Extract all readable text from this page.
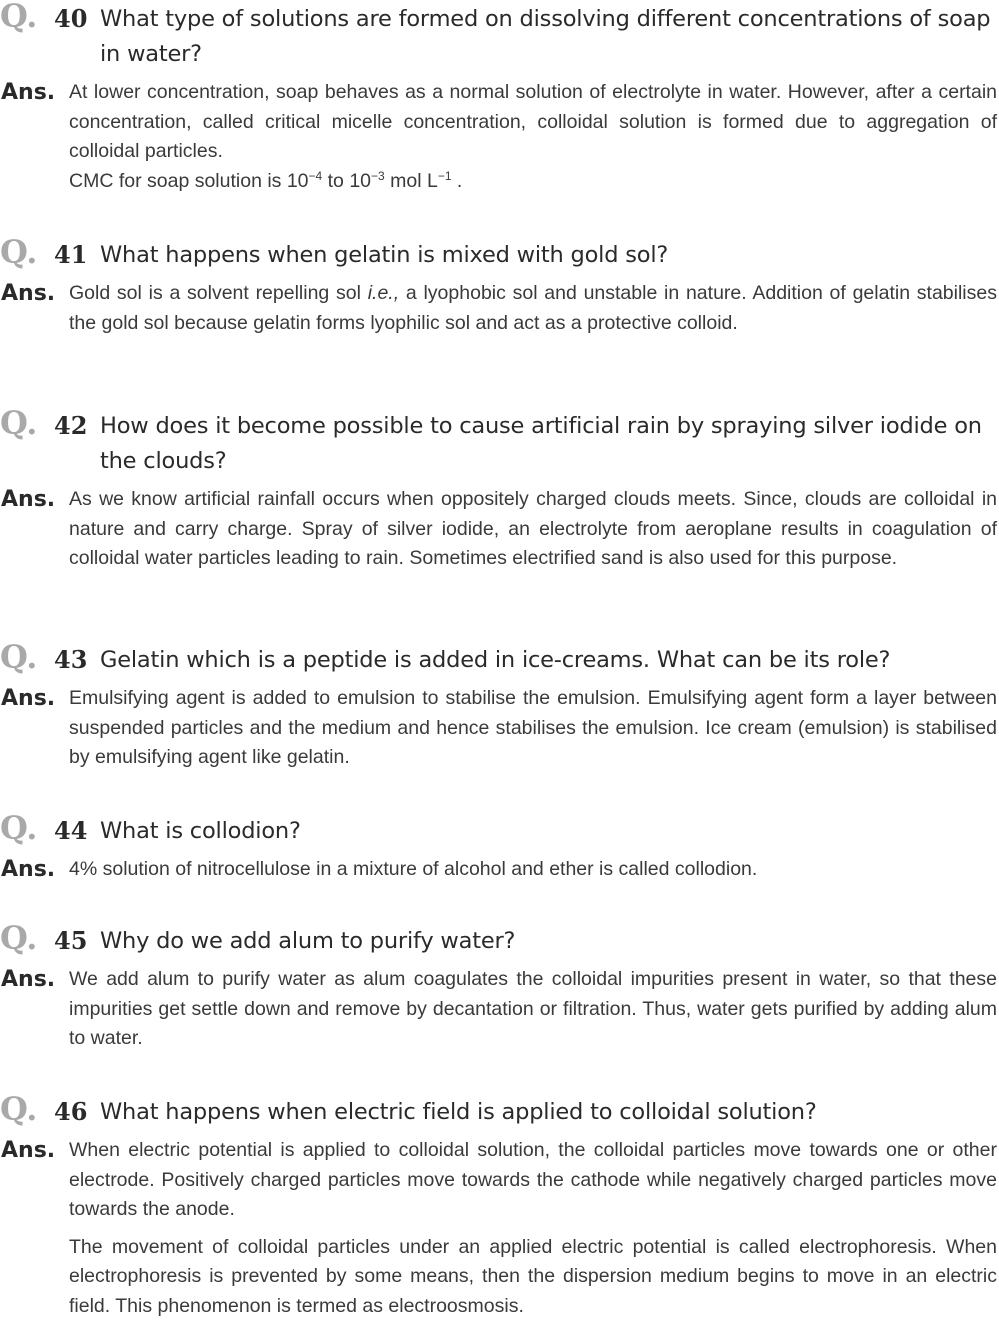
Q. 40 What type of solutions are formed on dissolving different concentrations of soap in water?
Ans. At lower concentration, soap behaves as a normal solution of electrolyte in water. However, after a certain concentration, called critical micelle concentration, colloidal solution is formed due to aggregation of colloidal particles.

CMC for soap solution is $10^{-4}$ to $10^{-3}$ mol $L^{-1}$ .

Q. 41 What happens when gelatin is mixed with gold sol?
Ans. Gold sol is a solvent repelling sol i.e., a lyophobic sol and unstable in nature. Addition of gelatin stabilises the gold sol because gelatin forms lyophilic sol and act as a protective colloid.

Q. 42 How does it become possible to cause artificial rain by spraying silver iodide on the clouds?
Ans. As we know artificial rainfall occurs when oppositely charged clouds meets. Since, clouds are colloidal in nature and carry charge. Spray of silver iodide, an electrolyte from aeroplane results in coagulation of colloidal water particles leading to rain. Sometimes electrified sand is also used for this purpose.

Q. 43 Gelatin which is a peptide is added in ice-creams. What can be its role?
Ans. Emulsifying agent is added to emulsion to stabilise the emulsion. Emulsifying agent form a layer between suspended particles and the medium and hence stabilises the emulsion. Ice cream (emulsion) is stabilised by emulsifying agent like gelatin.

Q. 44 What is collodion?
Ans. 4% solution of nitrocellulose in a mixture of alcohol and ether is called collodion.

Q. 45 Why do we add alum to purify water?
Ans. We add alum to purify water as alum coagulates the colloidal impurities present in water, so that these impurities get settle down and remove by decantation or filtration. Thus, water gets purified by adding alum to water.

Q. 46 What happens when electric field is applied to colloidal solution?
Ans. When electric potential is applied to colloidal solution, the colloidal particles move towards one or other electrode. Positively charged particles move towards the cathode while negatively charged particles move towards the anode.

The movement of colloidal particles under an applied electric potential is called electrophoresis. When electrophoresis is prevented by some means, then the dispersion medium begins to move in an electric field. This phenomenon is termed as electroosmosis.
